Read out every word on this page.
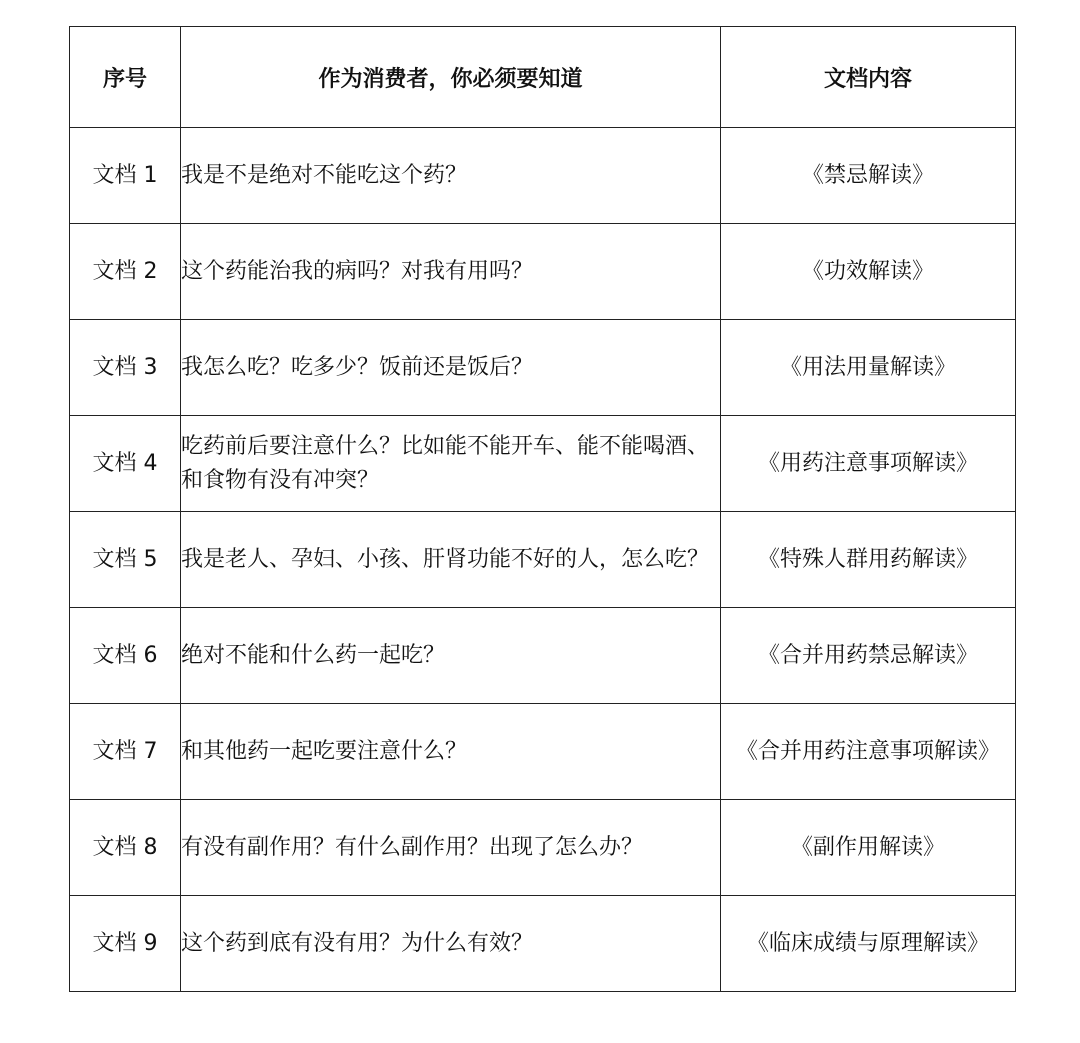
序号	作为消费者，你必须要知道	文档内容
文档 1	我是不是绝对不能吃这个药？	《禁忌解读》
文档 2	这个药能治我的病吗？对我有用吗？	《功效解读》
文档 3	我怎么吃？吃多少？饭前还是饭后？	《用法用量解读》
文档 4	吃药前后要注意什么？比如能不能开车、能不能喝酒、和食物有没有冲突？	《用药注意事项解读》
文档 5	我是老人、孕妇、小孩、肝肾功能不好的人，怎么吃？	《特殊人群用药解读》
文档 6	绝对不能和什么药一起吃？	《合并用药禁忌解读》
文档 7	和其他药一起吃要注意什么？	《合并用药注意事项解读》
文档 8	有没有副作用？有什么副作用？出现了怎么办？	《副作用解读》
文档 9	这个药到底有没有用？为什么有效？	《临床成绩与原理解读》
